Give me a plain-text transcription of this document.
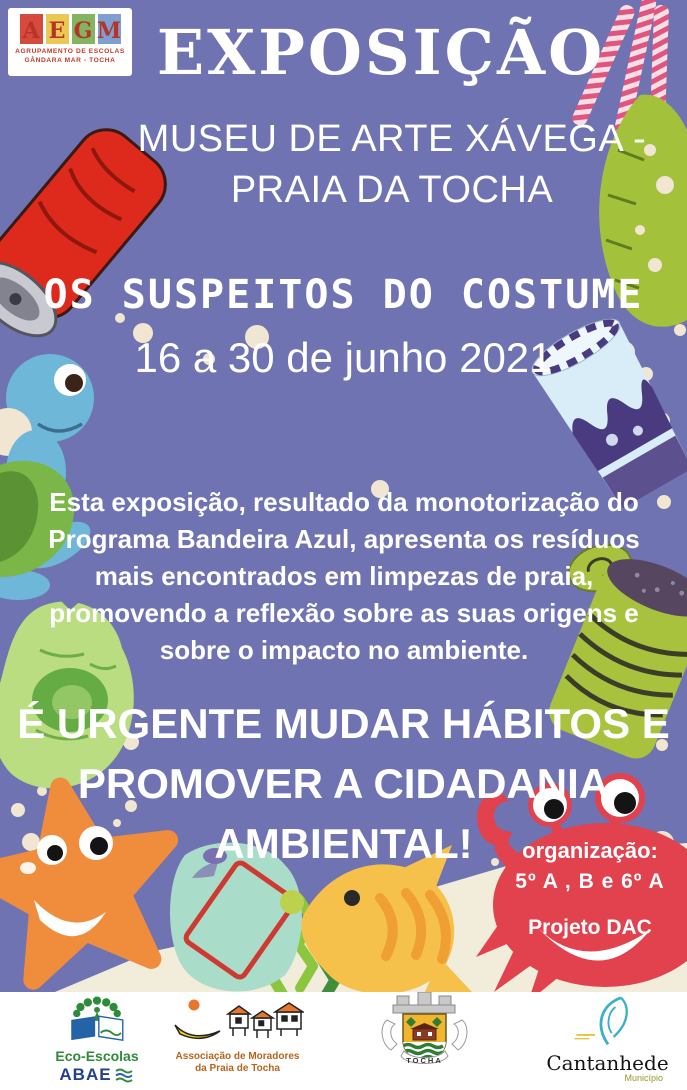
A E G M
AGRUPAMENTO DE ESCOLAS
GÂNDARA MAR - TOCHA EXPOSIÇÃO
MUSEU DE ARTE XÁVEGA -
PRAIA DA TOCHA
OS SUSPEITOS DO COSTUME
16 a 30 de junho 2021
Esta exposição, resultado da monotorização do Programa Bandeira Azul, apresenta os resíduos mais encontrados em limpezas de praia, promovendo a reflexão sobre as suas origens e sobre o impacto no ambiente.
É URGENTE MUDAR HÁBITOS E
PROMOVER A CIDADANIA
AMBIENTAL!	organização:
5º A , B e 6º A
Projeto DAC
Eco-Escolas
ABAE
Associação de Moradores
da Praia de Tocha
TOCHA	Cantanhede
Município
